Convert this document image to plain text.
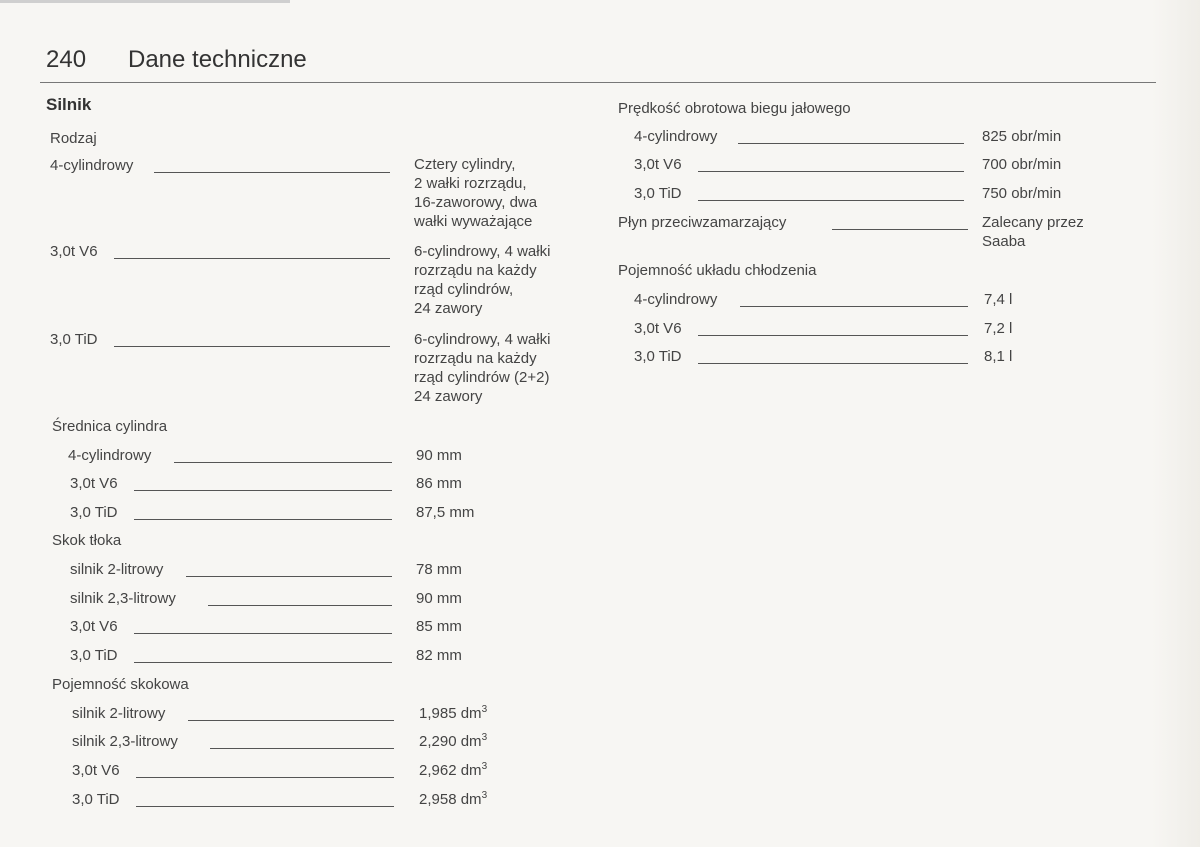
240 Dane techniczne
Silnik
Rodzaj
4-cylindrowy	Cztery cylindry,
2 wałki rozrządu,
16-zaworowy, dwa
wałki wyważające
3,0t V6	6-cylindrowy, 4 wałki
rozrządu na każdy
rząd cylindrów,
24 zawory
3,0 TiD	6-cylindrowy, 4 wałki
rozrządu na każdy
rząd cylindrów (2+2)
24 zawory
Średnica cylindra
4-cylindrowy	90 mm
3,0t V6	86 mm
3,0 TiD	87,5 mm
Skok tłoka
silnik 2-litrowy	78 mm
silnik 2,3-litrowy	90 mm
3,0t V6	85 mm
3,0 TiD	82 mm
Pojemność skokowa
silnik 2-litrowy	1,985 $dm^3$
silnik 2,3-litrowy	2,290 $dm^3$
3,0t V6	2,962 $dm^3$
3,0 TiD	2,958 $dm^3$
Prędkość obrotowa biegu jałowego
4-cylindrowy	825 obr/min
3,0t V6	700 obr/min
3,0 TiD	750 obr/min
Płyn przeciwzamarzający	Zalecany przez
Saaba
Pojemność układu chłodzenia
4-cylindrowy	7,4 l
3,0t V6	7,2 l
3,0 TiD	8,1 l
